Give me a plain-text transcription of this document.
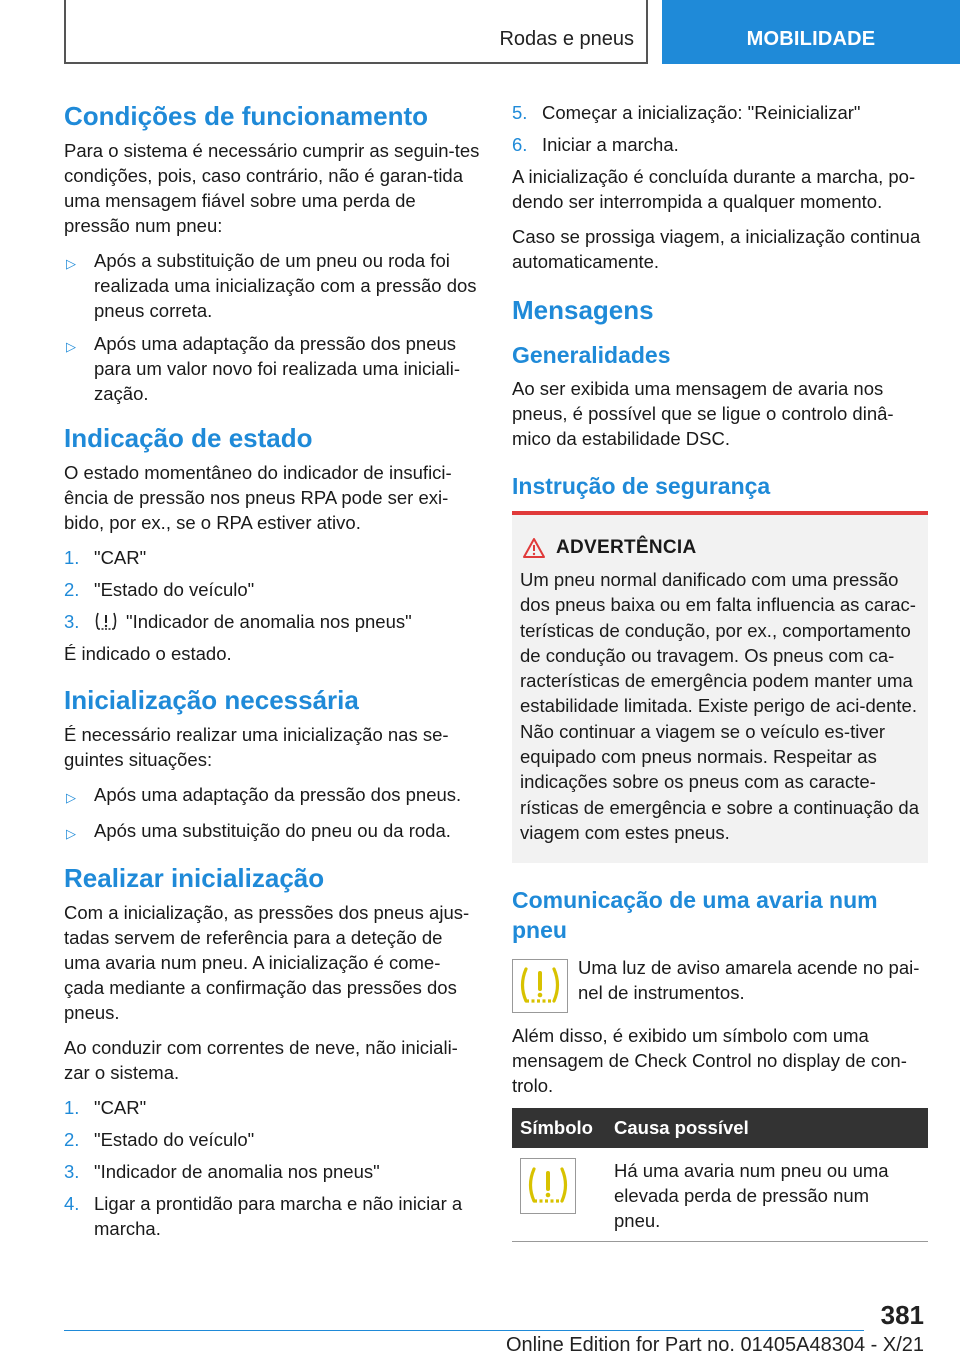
Rodas e pneus	MOBILIDADE
Condições de funcionamento
Para o sistema é necessário cumprir as seguin-tes condições, pois, caso contrário, não é garan-tida uma mensagem fiável sobre uma perda de pressão num pneu:
▷ Após a substituição de um pneu ou roda foi realizada uma inicialização com a pressão dos pneus correta.
▷ Após uma adaptação da pressão dos pneus para um valor novo foi realizada uma iniciali-zação.
Indicação de estado
O estado momentâneo do indicador de insufici-ência de pressão nos pneus RPA pode ser exi-bido, por ex., se o RPA estiver ativo.
1. "CAR"
2. "Estado do veículo"
3.	"Indicador de anomalia nos pneus"
É indicado o estado.
Inicialização necessária
É necessário realizar uma inicialização nas se-guintes situações:
▷ Após uma adaptação da pressão dos pneus.
▷ Após uma substituição do pneu ou da roda.
Realizar inicialização
Com a inicialização, as pressões dos pneus ajus-tadas servem de referência para a deteção de uma avaria num pneu. A inicialização é come-çada mediante a confirmação das pressões dos pneus.
Ao conduzir com correntes de neve, não iniciali-zar o sistema.
1. "CAR"
2. "Estado do veículo"
3. "Indicador de anomalia nos pneus"
4. Ligar a prontidão para marcha e não iniciar a marcha.
5. Começar a inicialização: "Reinicializar"
6. Iniciar a marcha.
A inicialização é concluída durante a marcha, po-dendo ser interrompida a qualquer momento.
Caso se prossiga viagem, a inicialização continua automaticamente.
Mensagens
Generalidades
Ao ser exibida uma mensagem de avaria nos pneus, é possível que se ligue o controlo dinâ-mico da estabilidade DSC.
Instrução de segurança
ADVERTÊNCIA
Um pneu normal danificado com uma pressão dos pneus baixa ou em falta influencia as carac-terísticas de condução, por ex., comportamento de condução ou travagem. Os pneus com ca-racterísticas de emergência podem manter uma estabilidade limitada. Existe perigo de aci-dente. Não continuar a viagem se o veículo es-tiver equipado com pneus normais. Respeitar as indicações sobre os pneus com as caracte-rísticas de emergência e sobre a continuação da viagem com estes pneus.
Comunicação de uma avaria num pneu
Uma luz de aviso amarela acende no pai-nel de instrumentos.
Além disso, é exibido um símbolo com uma mensagem de Check Control no display de con-trolo.
Símbolo	Causa possível

	Há uma avaria num pneu ou uma elevada perda de pressão num pneu.
381
Online Edition for Part no. 01405A48304 - X/21
